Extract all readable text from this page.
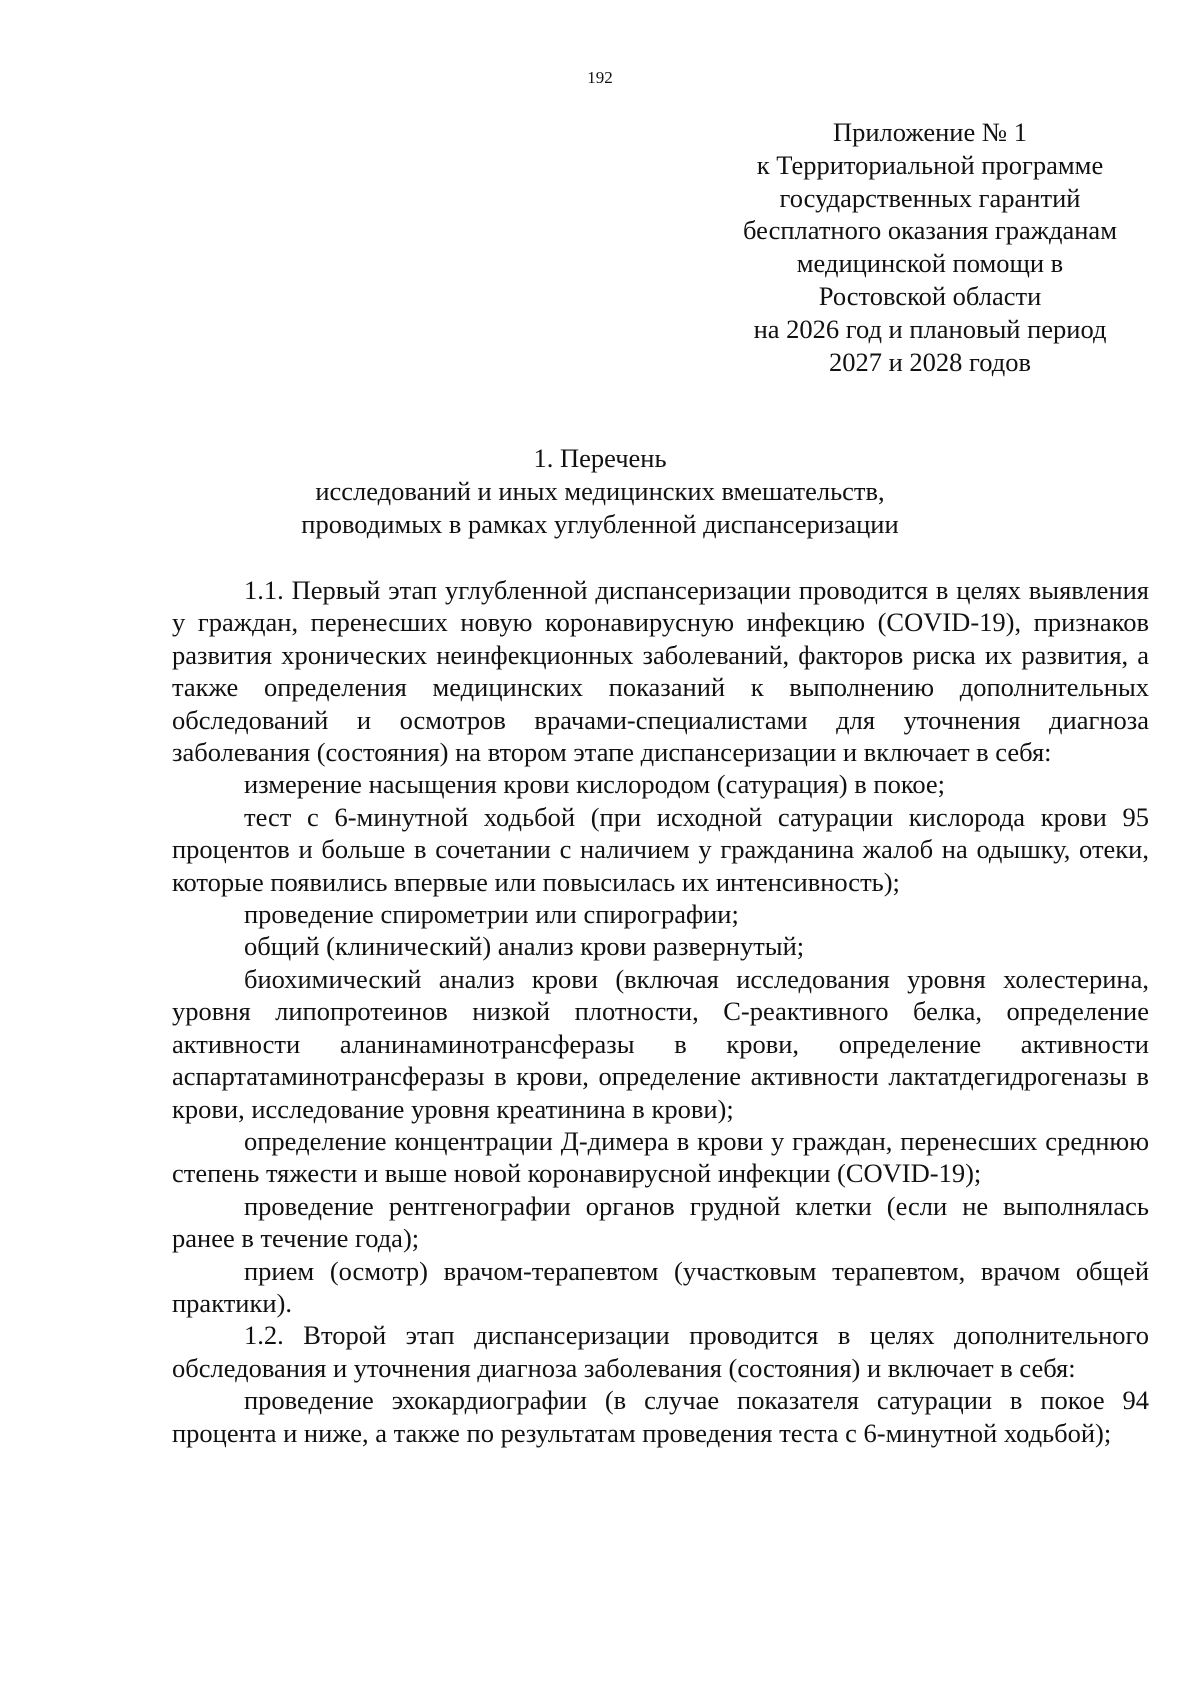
192
Приложение № 1
к Территориальной программе
государственных гарантий
бесплатного оказания гражданам
медицинской помощи в
Ростовской области
на 2026 год и плановый период
2027 и 2028 годов
1. Перечень
исследований и иных медицинских вмешательств,
проводимых в рамках углубленной диспансеризации

1.1. Первый этап углубленной диспансеризации проводится в целях выявления у граждан, перенесших новую коронавирусную инфекцию (COVID-19), признаков развития хронических неинфекционных заболеваний, факторов риска их развития, а также определения медицинских показаний к выполнению дополнительных обследований и осмотров врачами-специалистами для уточнения диагноза заболевания (состояния) на втором этапе диспансеризации и включает в себя:

измерение насыщения крови кислородом (сатурация) в покое;

тест с 6-минутной ходьбой (при исходной сатурации кислорода крови 95 процентов и больше в сочетании с наличием у гражданина жалоб на одышку, отеки, которые появились впервые или повысилась их интенсивность);

проведение спирометрии или спирографии;

общий (клинический) анализ крови развернутый;

биохимический анализ крови (включая исследования уровня холестерина, уровня липопротеинов низкой плотности, С-реактивного белка, определение активности аланинаминотрансферазы в крови, определение активности аспартатаминотрансферазы в крови, определение активности лактатдегидрогеназы в крови, исследование уровня креатинина в крови);

определение концентрации Д-димера в крови у граждан, перенесших среднюю степень тяжести и выше новой коронавирусной инфекции (COVID-19);

проведение рентгенографии органов грудной клетки (если не выполнялась ранее в течение года);

прием (осмотр) врачом-терапевтом (участковым терапевтом, врачом общей практики).

1.2. Второй этап диспансеризации проводится в целях дополнительного обследования и уточнения диагноза заболевания (состояния) и включает в себя:

проведение эхокардиографии (в случае показателя сатурации в покое 94 процента и ниже, а также по результатам проведения теста с 6-минутной ходьбой);
